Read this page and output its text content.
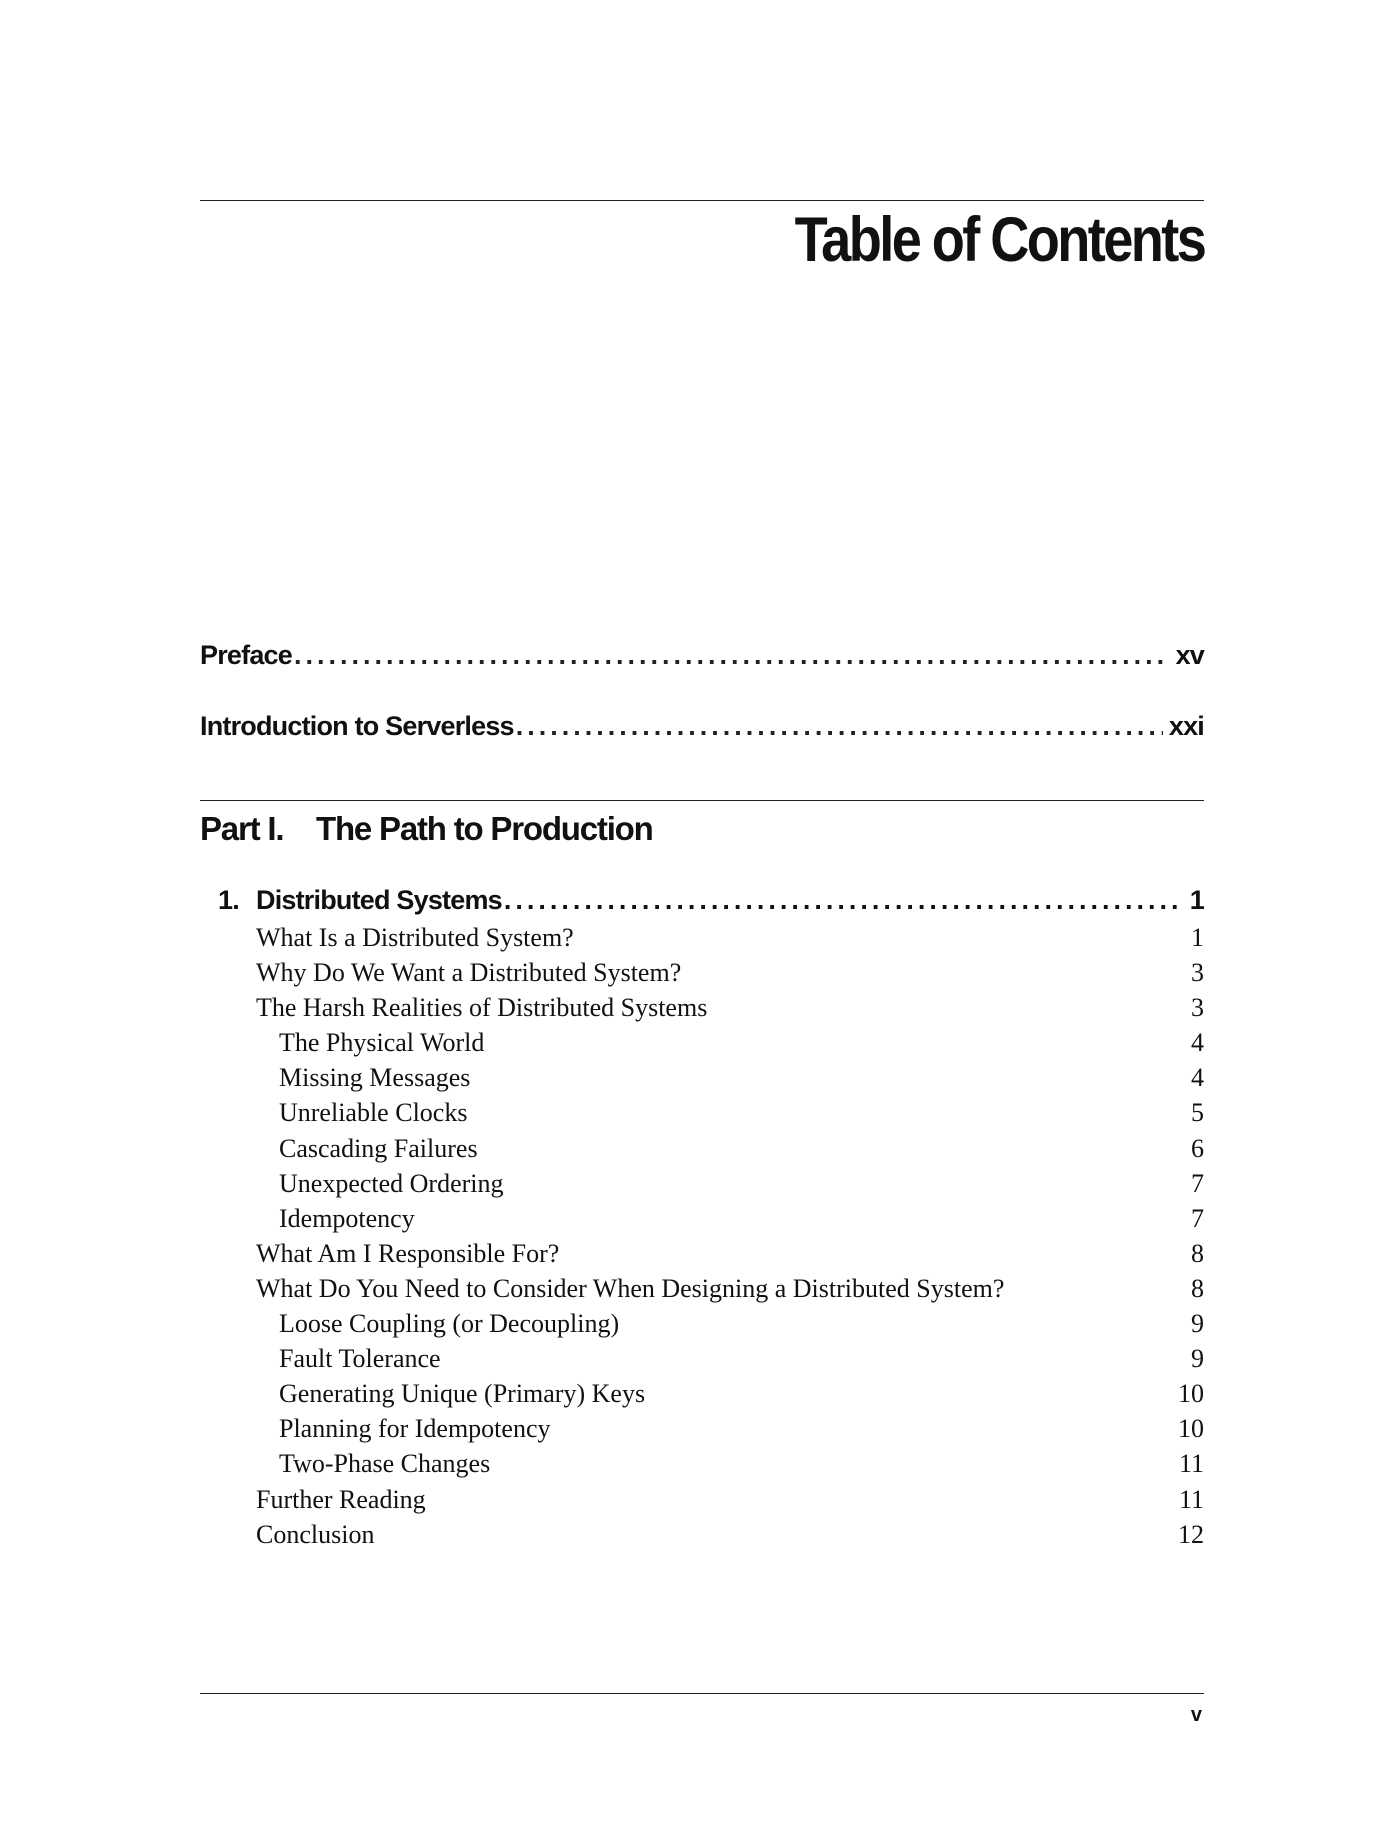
Table of Contents
Preface .....	xv
Introduction to Serverless .....	xxi
Part I. The Path to Production
1. Distributed Systems .....	1
What Is a Distributed System?	1
Why Do We Want a Distributed System?	3
The Harsh Realities of Distributed Systems	3
The Physical World	4
Missing Messages	4
Unreliable Clocks	5
Cascading Failures	6
Unexpected Ordering	7
Idempotency	7
What Am I Responsible For?	8
What Do You Need to Consider When Designing a Distributed System?	8
Loose Coupling (or Decoupling)	9
Fault Tolerance	9
Generating Unique (Primary) Keys	10
Planning for Idempotency	10
Two-Phase Changes	11
Further Reading	11
Conclusion	12
v
